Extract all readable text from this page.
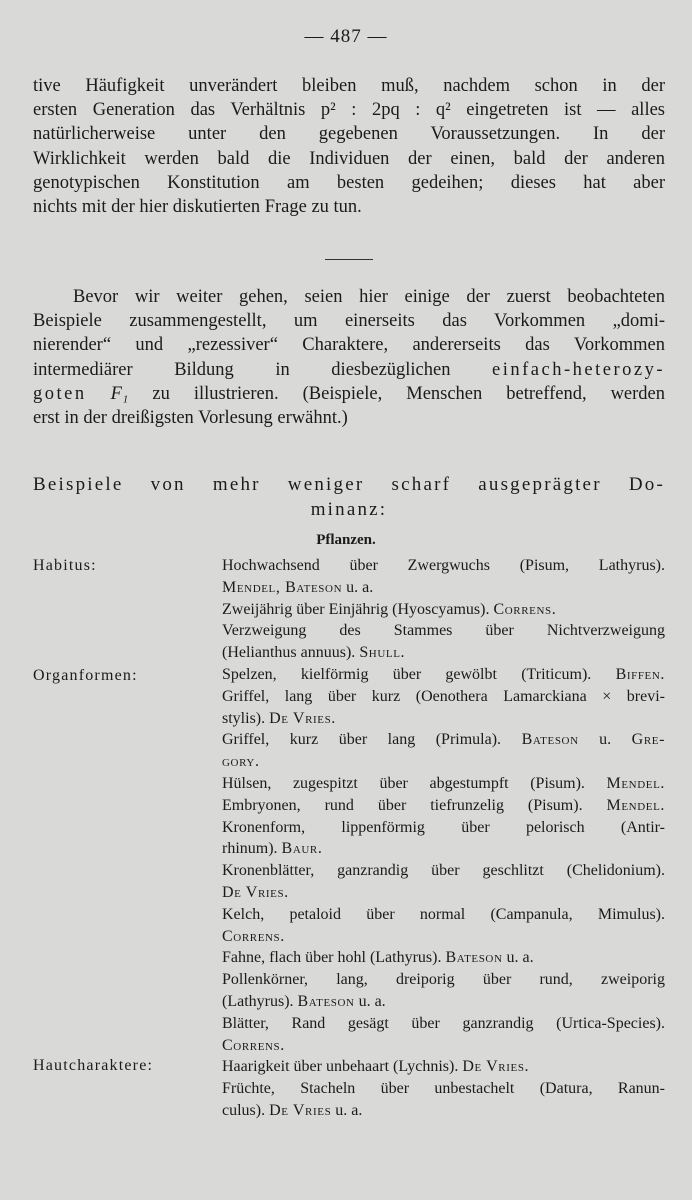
— 487 —
tive Häufigkeit unverändert bleiben muß, nachdem schon in der
ersten Generation das Verhältnis p² : 2pq : q² eingetreten ist — alles
natürlicherweise unter den gegebenen Voraussetzungen. In der
Wirklichkeit werden bald die Individuen der einen, bald der anderen
genotypischen Konstitution am besten gedeihen; dieses hat aber
nichts mit der hier diskutierten Frage zu tun.
Bevor wir weiter gehen, seien hier einige der zuerst beobachteten
Beispiele zusammengestellt, um einerseits das Vorkommen „domi-
nierender“ und „rezessiver“ Charaktere, andererseits das Vorkommen
intermediärer Bildung in diesbezüglichen einfach-heterozy-
goten F₁ zu illustrieren. (Beispiele, Menschen betreffend, werden
erst in der dreißigsten Vorlesung erwähnt.)
Beispiele von mehr weniger scharf ausgeprägter Do-
minanz:
Pflanzen.
Habitus:
Organformen:
Hautcharaktere:
Hochwachsend über Zwergwuchs (Pisum, Lathyrus).
Mendel, Bateson u. a.
Zweijährig über Einjährig (Hyoscyamus). Correns.
Verzweigung des Stammes über Nichtverzweigung
(Helianthus annuus). Shull.
Spelzen, kielförmig über gewölbt (Triticum). Biffen.
Griffel, lang über kurz (Oenothera Lamarckiana × brevi-
stylis). De Vries.
Griffel, kurz über lang (Primula). Bateson u. Gre-
gory.
Hülsen, zugespitzt über abgestumpft (Pisum). Mendel.
Embryonen, rund über tiefrunzelig (Pisum). Mendel.
Kronenform, lippenförmig über pelorisch (Antir-
rhinum). Baur.
Kronenblätter, ganzrandig über geschlitzt (Chelidonium).
De Vries.
Kelch, petaloid über normal (Campanula, Mimulus).
Correns.
Fahne, flach über hohl (Lathyrus). Bateson u. a.
Pollenkörner, lang, dreiporig über rund, zweiporig
(Lathyrus). Bateson u. a.
Blätter, Rand gesägt über ganzrandig (Urtica-Species).
Correns.
Haarigkeit über unbehaart (Lychnis). De Vries.
Früchte, Stacheln über unbestachelt (Datura, Ranun-
culus). De Vries u. a.
